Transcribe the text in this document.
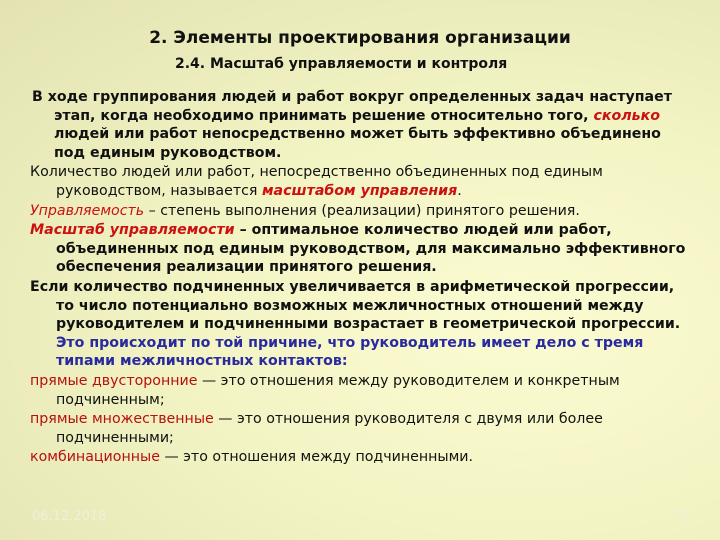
2. Элементы проектирования организации
2.4. Масштаб управляемости и контроля

В ходе группирования людей и работ вокруг определенных задач наступает этап, когда необходимо принимать решение относительно того, сколько людей или работ непосредственно может быть эффективно объединено под единым руководством.

Количество людей или работ, непосредственно объединенных под единым руководством, называется масштабом управления.

Управляемость – степень выполнения (реализации) принятого решения.

Масштаб управляемости – оптимальное количество людей или работ, объединенных под единым руководством, для максимально эффективного обеспечения реализации принятого решения.

Если количество подчиненных увеличивается в арифметической прогрессии, то число потенциально возможных межличностных отношений между руководителем и подчиненными возрастает в геометрической прогрессии. Это происходит по той причине, что руководитель имеет дело с тремя типами межличностных контактов:

прямые двусторонние — это отношения между руководителем и конкретным подчиненным;

прямые множественные — это отношения руководителя с двумя или более подчиненными;

комбинационные — это отношения между подчиненными.

06.12.2018	28
